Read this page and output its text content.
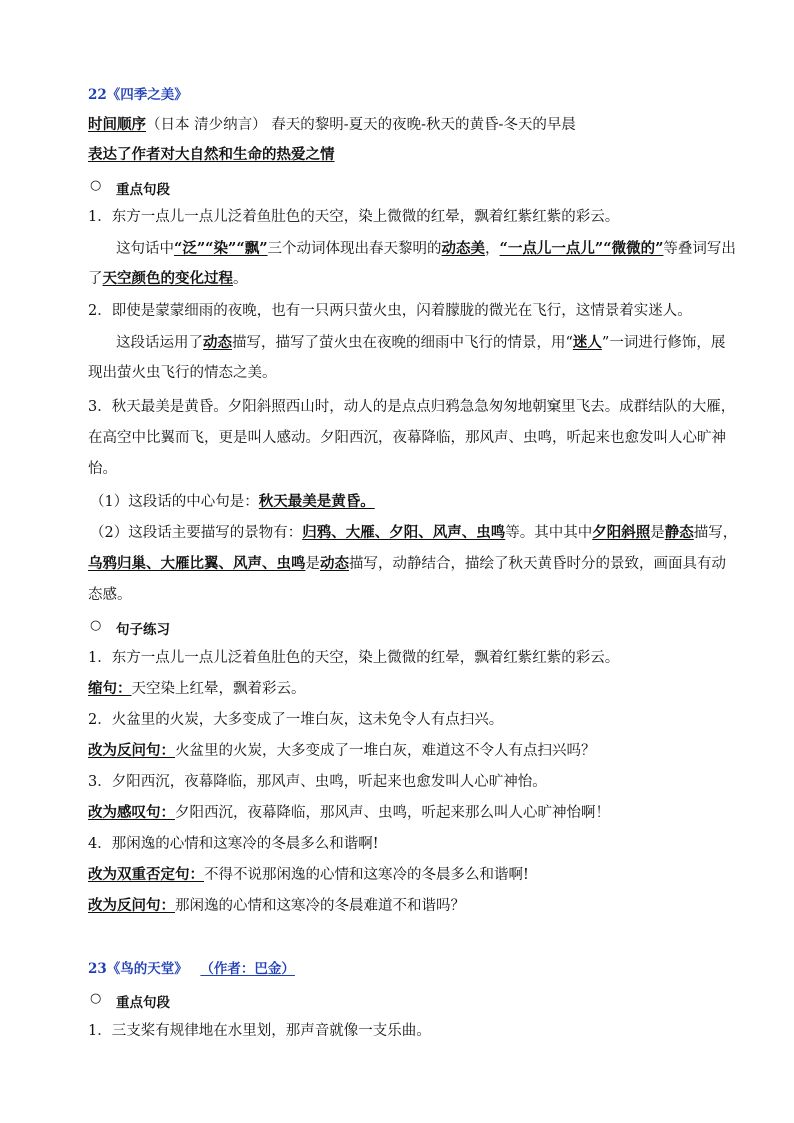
22《四季之美》
时间顺序（日本 清少纳言） 春天的黎明-夏天的夜晚-秋天的黄昏-冬天的早晨
表达了作者对大自然和生命的热爱之情
○ 重点句段
1．东方一点儿一点儿泛着鱼肚色的天空，染上微微的红晕，飘着红紫红紫的彩云。
这句话中“泛”“染”“飘”三个动词体现出春天黎明的动态美，“一点儿一点儿”“微微的”等叠词写出
了天空颜色的变化过程。
2．即使是蒙蒙细雨的夜晚，也有一只两只萤火虫，闪着朦胧的微光在飞行，这情景着实迷人。
这段话运用了动态描写，描写了萤火虫在夜晚的细雨中飞行的情景，用“迷人”一词进行修饰，展
现出萤火虫飞行的情态之美。
3．秋天最美是黄昏。夕阳斜照西山时，动人的是点点归鸦急急匆匆地朝窠里飞去。成群结队的大雁，
在高空中比翼而飞，更是叫人感动。夕阳西沉，夜幕降临，那风声、虫鸣，听起来也愈发叫人心旷神
怡。
（1）这段话的中心句是：秋天最美是黄昏。
（2）这段话主要描写的景物有：归鸦、大雁、夕阳、风声、虫鸣等。其中其中夕阳斜照是静态描写，
乌鸦归巢、大雁比翼、风声、虫鸣是动态描写，动静结合，描绘了秋天黄昏时分的景致，画面具有动
态感。
○ 句子练习
1．东方一点儿一点儿泛着鱼肚色的天空，染上微微的红晕，飘着红紫红紫的彩云。
缩句：天空染上红晕，飘着彩云。
2．火盆里的火炭，大多变成了一堆白灰，这未免令人有点扫兴。
改为反问句：火盆里的火炭，大多变成了一堆白灰，难道这不令人有点扫兴吗？
3．夕阳西沉，夜幕降临，那风声、虫鸣，听起来也愈发叫人心旷神怡。
改为感叹句：夕阳西沉，夜幕降临，那风声、虫鸣，听起来那么叫人心旷神怡啊！
4．那闲逸的心情和这寒冷的冬晨多么和谐啊!
改为双重否定句：不得不说那闲逸的心情和这寒冷的冬晨多么和谐啊!
改为反问句：那闲逸的心情和这寒冷的冬晨难道不和谐吗？
23《鸟的天堂》 （作者：巴金）
○ 重点句段
1．三支桨有规律地在水里划，那声音就像一支乐曲。
